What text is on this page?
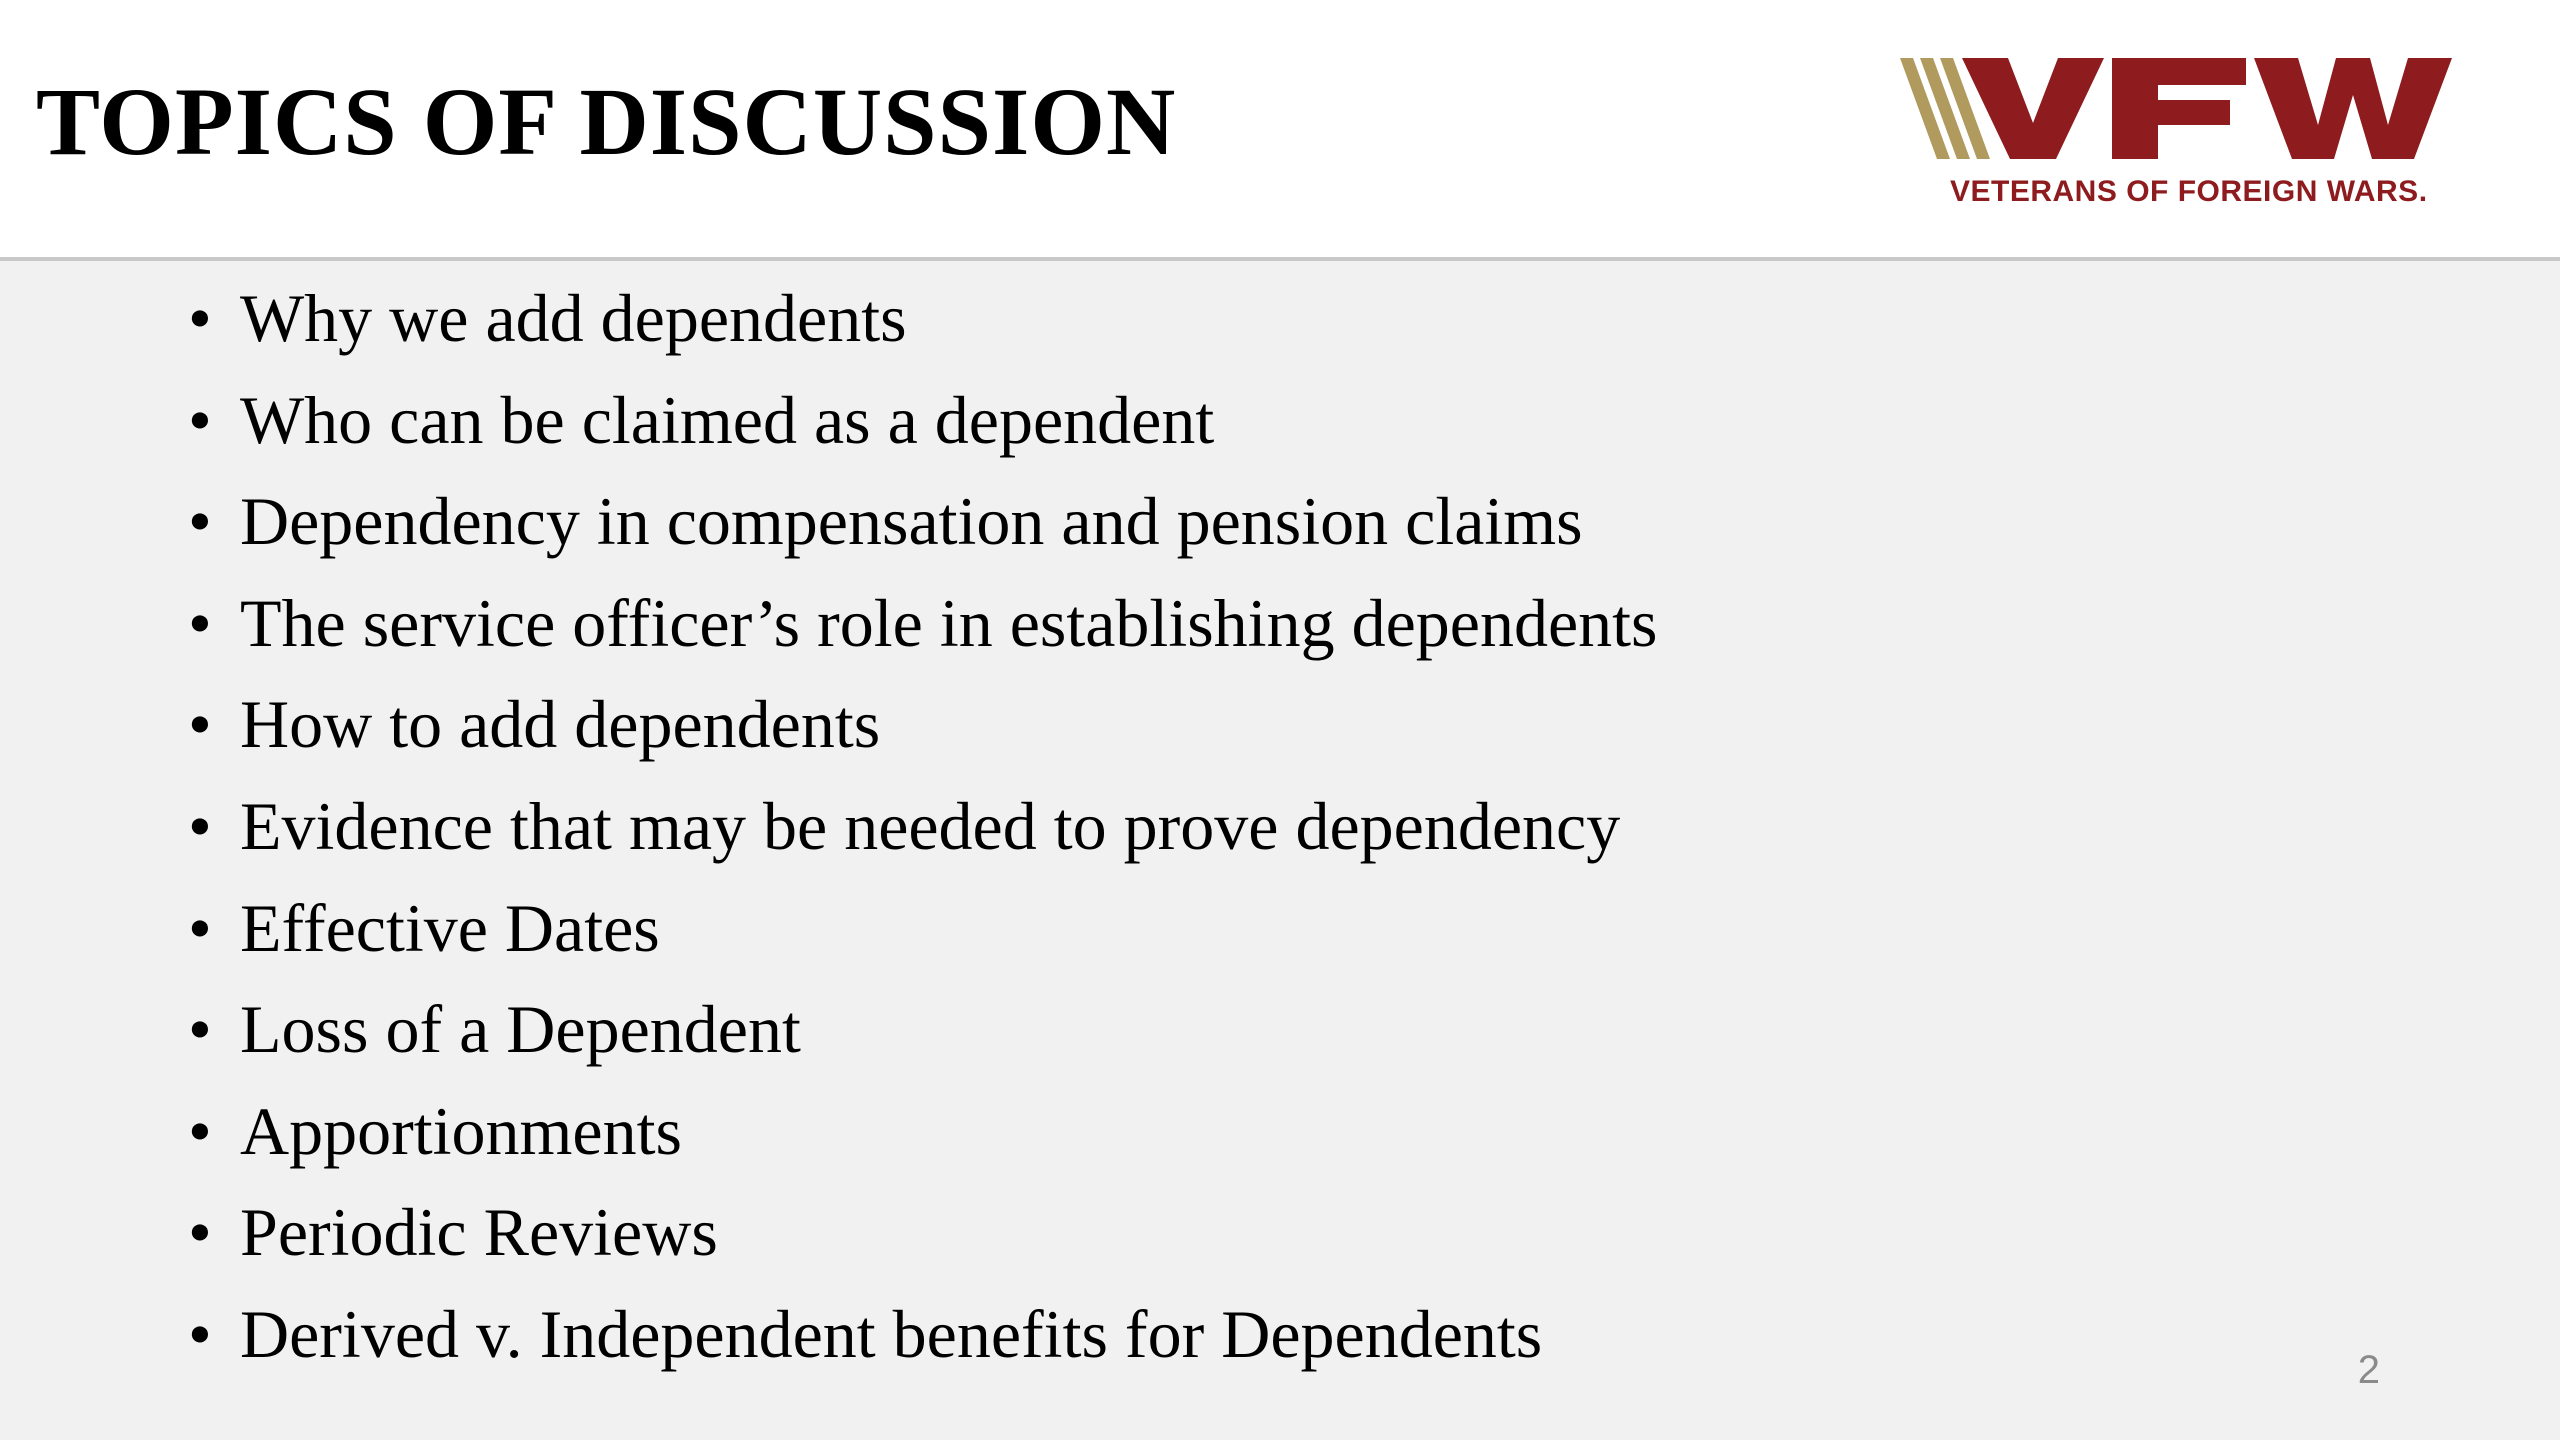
TOPICS OF DISCUSSION
VETERANS OF FOREIGN WARS.
• Why we add dependents
• Who can be claimed as a dependent
• Dependency in compensation and pension claims
• The service officer’s role in establishing dependents
• How to add dependents
• Evidence that may be needed to prove dependency
• Effective Dates
• Loss of a Dependent
• Apportionments
• Periodic Reviews
• Derived v. Independent benefits for Dependents	2
